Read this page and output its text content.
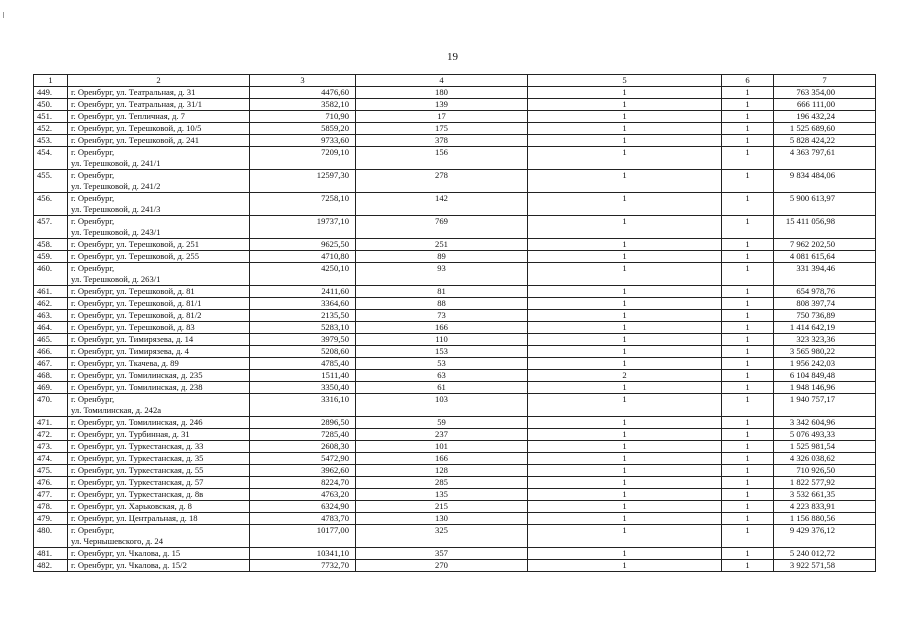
19
1	2	3	4	5	6	7
449.	г. Оренбург, ул. Театральная, д. 31	4476,60	180	1	1	763 354,00
450.	г. Оренбург, ул. Театральная, д. 31/1	3582,10	139	1	1	666 111,00
451.	г. Оренбург, ул. Тепличная, д. 7	710,90	17	1	1	196 432,24
452.	г. Оренбург, ул. Терешковой, д. 10/5	5859,20	175	1	1	1 525 689,60
453.	г. Оренбург, ул. Терешковой, д. 241	9733,60	378	1	1	5 828 424,22
454.	г. Оренбург,
ул. Терешковой, д. 241/1	7209,10	156	1	1	4 363 797,61
455.	г. Оренбург,
ул. Терешковой, д. 241/2	12597,30	278	1	1	9 834 484,06
456.	г. Оренбург,
ул. Терешковой, д. 241/3	7258,10	142	1	1	5 900 613,97
457.	г. Оренбург,
ул. Терешковой, д. 243/1	19737,10	769	1	1	15 411 056,98
458.	г. Оренбург, ул. Терешковой, д. 251	9625,50	251	1	1	7 962 202,50
459.	г. Оренбург, ул. Терешковой, д. 255	4710,80	89	1	1	4 081 615,64
460.	г. Оренбург,
ул. Терешковой, д. 263/1	4250,10	93	1	1	331 394,46
461.	г. Оренбург, ул. Терешковой, д. 81	2411,60	81	1	1	654 978,76
462.	г. Оренбург, ул. Терешковой, д. 81/1	3364,60	88	1	1	808 397,74
463.	г. Оренбург, ул. Терешковой, д. 81/2	2135,50	73	1	1	750 736,89
464.	г. Оренбург, ул. Терешковой, д. 83	5283,10	166	1	1	1 414 642,19
465.	г. Оренбург, ул. Тимирязева, д. 14	3979,50	110	1	1	323 323,36
466.	г. Оренбург, ул. Тимирязева, д. 4	5208,60	153	1	1	3 565 980,22
467.	г. Оренбург, ул. Ткачева, д. 89	4785,40	53	1	1	1 956 242,03
468.	г. Оренбург, ул. Томилинская, д. 235	1511,40	63	2	1	6 104 849,48
469.	г. Оренбург, ул. Томилинская, д. 238	3350,40	61	1	1	1 948 146,96
470.	г. Оренбург,
ул. Томилинская, д. 242а	3316,10	103	1	1	1 940 757,17
471.	г. Оренбург, ул. Томилинская, д. 246	2896,50	59	1	1	3 342 604,96
472.	г. Оренбург, ул. Турбинная, д. 31	7285,40	237	1	1	5 076 493,33
473.	г. Оренбург, ул. Туркестанская, д. 33	2608,30	101	1	1	1 525 981,54
474.	г. Оренбург, ул. Туркестанская, д. 35	5472,90	166	1	1	4 326 038,62
475.	г. Оренбург, ул. Туркестанская, д. 55	3962,60	128	1	1	710 926,50
476.	г. Оренбург, ул. Туркестанская, д. 57	8224,70	285	1	1	1 822 577,92
477.	г. Оренбург, ул. Туркестанская, д. 8в	4763,20	135	1	1	3 532 661,35
478.	г. Оренбург, ул. Харьковская, д. 8	6324,90	215	1	1	4 223 833,91
479.	г. Оренбург, ул. Центральная, д. 18	4783,70	130	1	1	1 156 880,56
480.	г. Оренбург,
ул. Чернышевского, д. 24	10177,00	325	1	1	9 429 376,12
481.	г. Оренбург, ул. Чкалова, д. 15	10341,10	357	1	1	5 240 012,72
482.	г. Оренбург, ул. Чкалова, д. 15/2	7732,70	270	1	1	3 922 571,58
